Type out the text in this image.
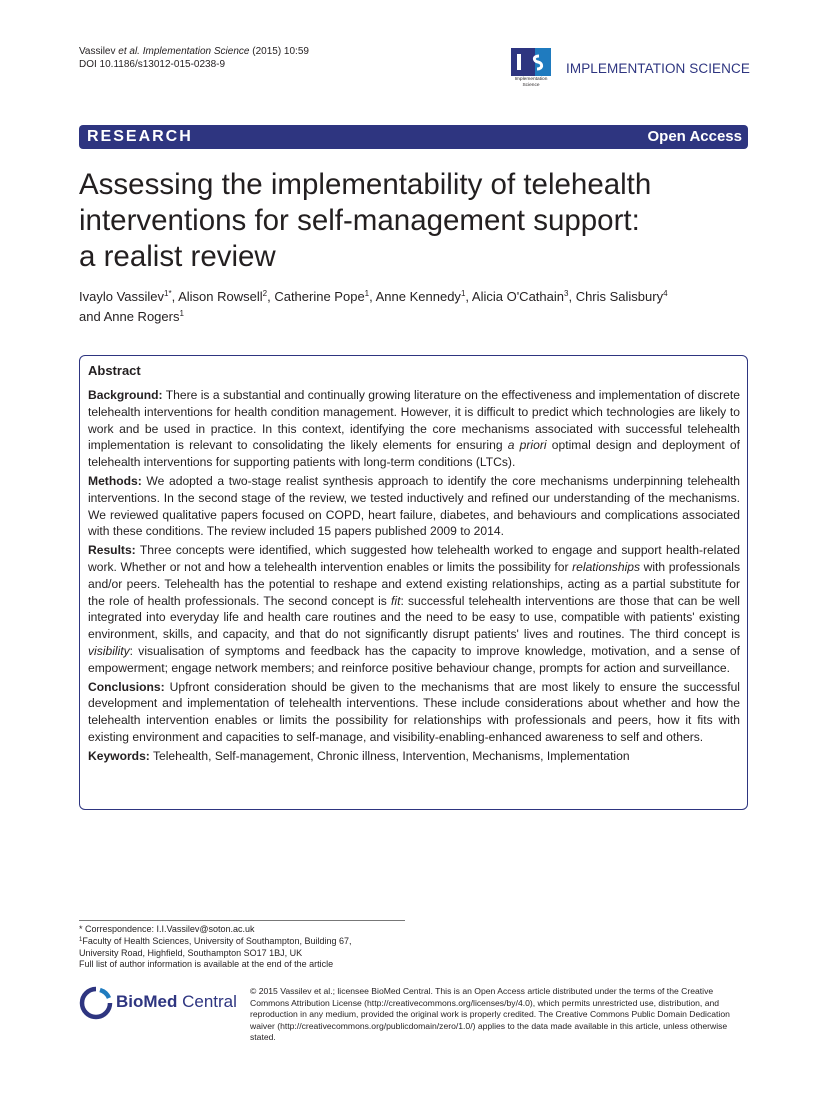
Vassilev et al. Implementation Science (2015) 10:59
DOI 10.1186/s13012-015-0238-9
Implementation
Science
IMPLEMENTATION SCIENCE
RESEARCH	Open Access
Assessing the implementability of telehealth
interventions for self-management support:
a realist review
Ivaylo Vassilev$^{1*}$, Alison Rowsell$^2$, Catherine Pope$^1$, Anne Kennedy$^1$, Alicia O'Cathain$^3$, Chris Salisbury$^4$
and Anne Rogers$^1$
Abstract

Background: There is a substantial and continually growing literature on the effectiveness and implementation of discrete telehealth interventions for health condition management. However, it is difficult to predict which technologies are likely to work and be used in practice. In this context, identifying the core mechanisms associated with successful telehealth implementation is relevant to consolidating the likely elements for ensuring a priori optimal design and deployment of telehealth interventions for supporting patients with long-term conditions (LTCs).

Methods: We adopted a two-stage realist synthesis approach to identify the core mechanisms underpinning telehealth interventions. In the second stage of the review, we tested inductively and refined our understanding of the mechanisms. We reviewed qualitative papers focused on COPD, heart failure, diabetes, and behaviours and complications associated with these conditions. The review included 15 papers published 2009 to 2014.

Results: Three concepts were identified, which suggested how telehealth worked to engage and support health-related work. Whether or not and how a telehealth intervention enables or limits the possibility for relationships with professionals and/or peers. Telehealth has the potential to reshape and extend existing relationships, acting as a partial substitute for the role of health professionals. The second concept is fit: successful telehealth interventions are those that can be well integrated into everyday life and health care routines and the need to be easy to use, compatible with patients' existing environment, skills, and capacity, and that do not significantly disrupt patients' lives and routines. The third concept is visibility: visualisation of symptoms and feedback has the capacity to improve knowledge, motivation, and a sense of empowerment; engage network members; and reinforce positive behaviour change, prompts for action and surveillance.

Conclusions: Upfront consideration should be given to the mechanisms that are most likely to ensure the successful development and implementation of telehealth interventions. These include considerations about whether and how the telehealth intervention enables or limits the possibility for relationships with professionals and peers, how it fits with existing environment and capacities to self-manage, and visibility-enabling-enhanced awareness to self and others.

Keywords: Telehealth, Self-management, Chronic illness, Intervention, Mechanisms, Implementation

* Correspondence: I.I.Vassilev@soton.ac.uk
$^1$Faculty of Health Sciences, University of Southampton, Building 67,
University Road, Highfield, Southampton SO17 1BJ, UK
Full list of author information is available at the end of the article
BioMed Central
© 2015 Vassilev et al.; licensee BioMed Central. This is an Open Access article distributed under the terms of the Creative Commons Attribution License (http://creativecommons.org/licenses/by/4.0), which permits unrestricted use, distribution, and reproduction in any medium, provided the original work is properly credited. The Creative Commons Public Domain Dedication waiver (http://creativecommons.org/publicdomain/zero/1.0/) applies to the data made available in this article, unless otherwise stated.
